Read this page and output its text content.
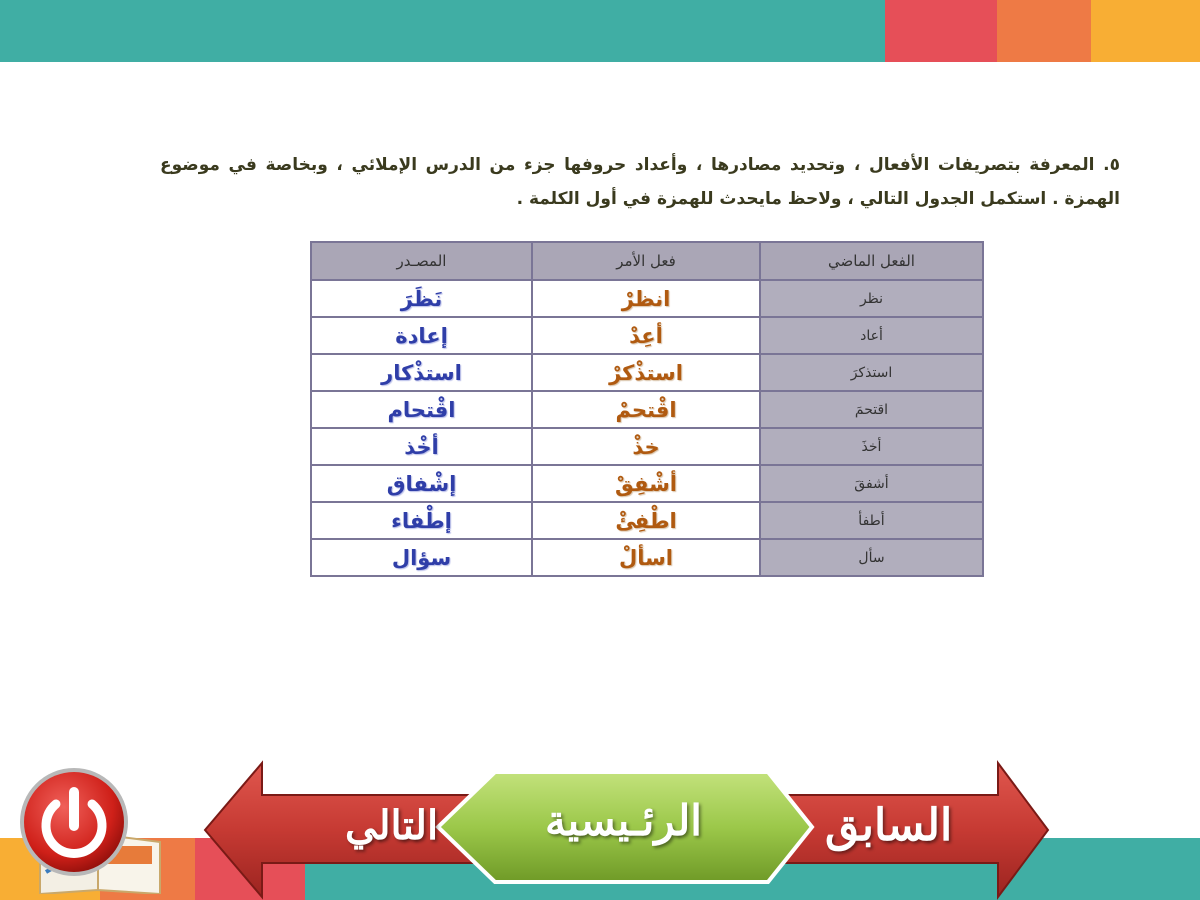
٥. المعرفة بتصريفات الأفعال ، وتحديد مصادرها ، وأعداد حروفها جزء من الدرس الإملائي ، وبخاصة في موضوع الهمزة . استكمل الجدول التالي ، ولاحظ مايحدث للهمزة في أول الكلمة .
الفعل الماضي	فعل الأمر	المصـدر
نظر	انظرْ	نَظَرَ
أعاد	أعِدْ	إعادة
استذكرَ	استذْكرْ	استذْكار
اقتحمَ	اقْتحمْ	اقْتحام
أخذَ	خذْ	أخْذ
أشفقَ	أشْفِقْ	إشْفاق
أطفأ	اطْفِئْ	إطْفاء
سأل	اسألْ	سؤال
التالي	الرئـيسية	السابق
